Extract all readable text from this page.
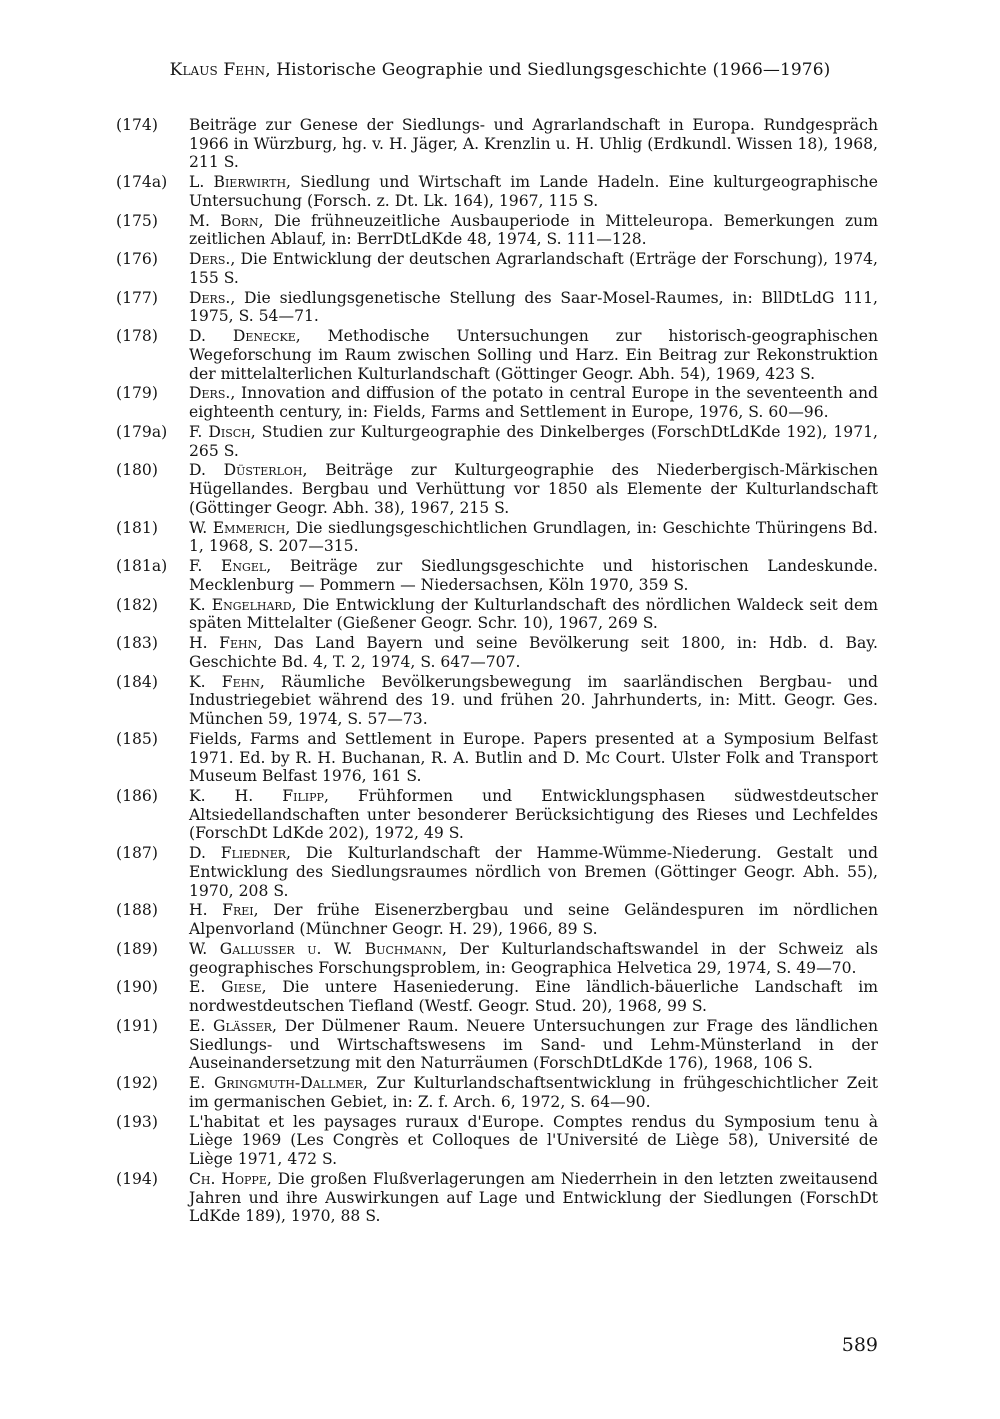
Klaus Fehn, Historische Geographie und Siedlungsgeschichte (1966—1976)
(174) Beiträge zur Genese der Siedlungs- und Agrarlandschaft in Europa. Rundgespräch 1966 in Würzburg, hg. v. H. Jäger, A. Krenzlin u. H. Uhlig (Erdkundl. Wissen 18), 1968, 211 S.
(174a) L. Bierwirth, Siedlung und Wirtschaft im Lande Hadeln. Eine kulturgeographische Untersuchung (Forsch. z. Dt. Lk. 164), 1967, 115 S.
(175) M. Born, Die frühneuzeitliche Ausbauperiode in Mitteleuropa. Bemerkungen zum zeitlichen Ablauf, in: BerrDtLdKde 48, 1974, S. 111—128.
(176) Ders., Die Entwicklung der deutschen Agrarlandschaft (Erträge der Forschung), 1974, 155 S.
(177) Ders., Die siedlungsgenetische Stellung des Saar-Mosel-Raumes, in: BllDtLdG 111, 1975, S. 54—71.
(178) D. Denecke, Methodische Untersuchungen zur historisch-geographischen Wegeforschung im Raum zwischen Solling und Harz. Ein Beitrag zur Rekonstruktion der mittelalterlichen Kulturlandschaft (Göttinger Geogr. Abh. 54), 1969, 423 S.
(179) Ders., Innovation and diffusion of the potato in central Europe in the seventeenth and eighteenth century, in: Fields, Farms and Settlement in Europe, 1976, S. 60—96.
(179a) F. Disch, Studien zur Kulturgeographie des Dinkelberges (ForschDtLdKde 192), 1971, 265 S.
(180) D. Düsterloh, Beiträge zur Kulturgeographie des Niederbergisch-Märkischen Hügellandes. Bergbau und Verhüttung vor 1850 als Elemente der Kulturlandschaft (Göttinger Geogr. Abh. 38), 1967, 215 S.
(181) W. Emmerich, Die siedlungsgeschichtlichen Grundlagen, in: Geschichte Thüringens Bd. 1, 1968, S. 207—315.
(181a) F. Engel, Beiträge zur Siedlungsgeschichte und historischen Landeskunde. Mecklenburg — Pommern — Niedersachsen, Köln 1970, 359 S.
(182) K. Engelhard, Die Entwicklung der Kulturlandschaft des nördlichen Waldeck seit dem späten Mittelalter (Gießener Geogr. Schr. 10), 1967, 269 S.
(183) H. Fehn, Das Land Bayern und seine Bevölkerung seit 1800, in: Hdb. d. Bay. Geschichte Bd. 4, T. 2, 1974, S. 647—707.
(184) K. Fehn, Räumliche Bevölkerungsbewegung im saarländischen Bergbau- und Industriegebiet während des 19. und frühen 20. Jahrhunderts, in: Mitt. Geogr. Ges. München 59, 1974, S. 57—73.
(185) Fields, Farms and Settlement in Europe. Papers presented at a Symposium Belfast 1971. Ed. by R. H. Buchanan, R. A. Butlin and D. Mc Court. Ulster Folk and Transport Museum Belfast 1976, 161 S.
(186) K. H. Filipp, Frühformen und Entwicklungsphasen südwestdeutscher Altsiedellandschaften unter besonderer Berücksichtigung des Rieses und Lechfeldes (ForschDt LdKde 202), 1972, 49 S.
(187) D. Fliedner, Die Kulturlandschaft der Hamme-Wümme-Niederung. Gestalt und Entwicklung des Siedlungsraumes nördlich von Bremen (Göttinger Geogr. Abh. 55), 1970, 208 S.
(188) H. Frei, Der frühe Eisenerzbergbau und seine Geländespuren im nördlichen Alpenvorland (Münchner Geogr. H. 29), 1966, 89 S.
(189) W. Gallusser u. W. Buchmann, Der Kulturlandschaftswandel in der Schweiz als geographisches Forschungsproblem, in: Geographica Helvetica 29, 1974, S. 49—70.
(190) E. Giese, Die untere Haseniederung. Eine ländlich-bäuerliche Landschaft im nordwestdeutschen Tiefland (Westf. Geogr. Stud. 20), 1968, 99 S.
(191) E. Glässer, Der Dülmener Raum. Neuere Untersuchungen zur Frage des ländlichen Siedlungs- und Wirtschaftswesens im Sand- und Lehm-Münsterland in der Auseinandersetzung mit den Naturräumen (ForschDtLdKde 176), 1968, 106 S.
(192) E. Gringmuth-Dallmer, Zur Kulturlandschaftsentwicklung in frühgeschichtlicher Zeit im germanischen Gebiet, in: Z. f. Arch. 6, 1972, S. 64—90.
(193) L'habitat et les paysages ruraux d'Europe. Comptes rendus du Symposium tenu à Liège 1969 (Les Congrès et Colloques de l'Université de Liège 58), Université de Liège 1971, 472 S.
(194) Ch. Hoppe, Die großen Flußverlagerungen am Niederrhein in den letzten zweitausend Jahren und ihre Auswirkungen auf Lage und Entwicklung der Siedlungen (ForschDt LdKde 189), 1970, 88 S.
589
